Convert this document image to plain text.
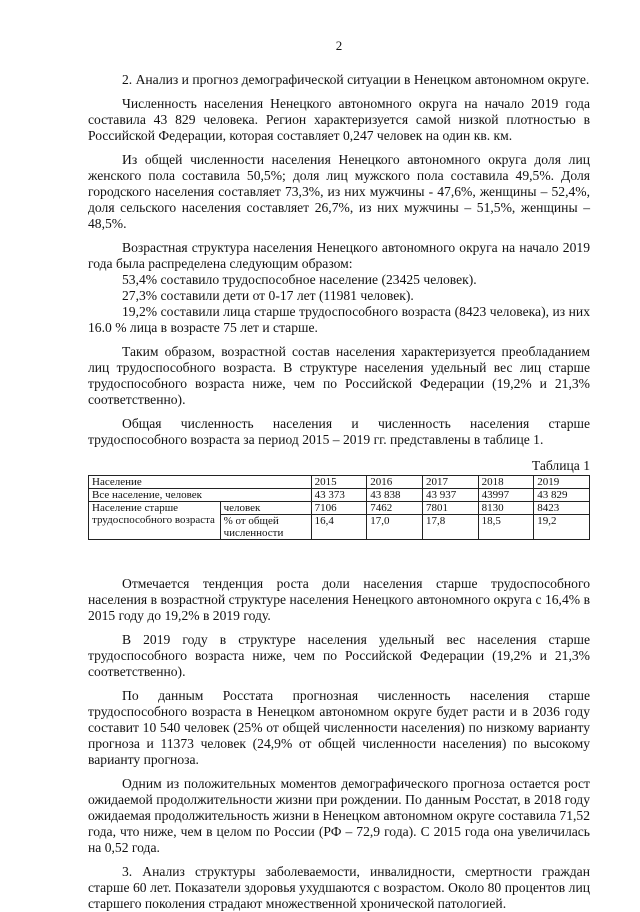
2

2. Анализ и прогноз демографической ситуации в Ненецком автономном округе.

Численность населения Ненецкого автономного округа на начало 2019 года составила 43 829 человека. Регион характеризуется самой низкой плотностью в Российской Федерации, которая составляет 0,247 человек на один кв. км.

Из общей численности населения Ненецкого автономного округа доля лиц женского пола составила 50,5%; доля лиц мужского пола составила 49,5%. Доля городского населения составляет 73,3%, из них мужчины - 47,6%, женщины – 52,4%, доля сельского населения составляет 26,7%, из них мужчины – 51,5%, женщины – 48,5%.

Возрастная структура населения Ненецкого автономного округа на начало 2019 года была распределена следующим образом:

53,4% составило трудоспособное население (23425 человек).

27,3% составили дети от 0-17 лет (11981 человек).

19,2% составили лица старше трудоспособного возраста (8423 человека), из них 16.0 % лица в возрасте 75 лет и старше.

Таким образом, возрастной состав населения характеризуется преобладанием лиц трудоспособного возраста. В структуре населения удельный вес лиц старше трудоспособного возраста ниже, чем по Российской Федерации (19,2% и 21,3% соответственно).

Общая численность населения и численность населения старше трудоспособного возраста за период 2015 – 2019 гг. представлены в таблице 1.

Таблица 1
Население		2015	2016	2017	2018	2019
Все население, человек		43 373	43 838	43 937	43997	43 829
Население старше трудоспособного возраста	человек	7106	7462	7801	8130	8423
	% от общей численности	16,4	17,0	17,8	18,5	19,2

Отмечается тенденция роста доли населения старше трудоспособного населения в возрастной структуре населения Ненецкого автономного округа с 16,4% в 2015 году до 19,2% в 2019 году.

В 2019 году в структуре населения удельный вес населения старше трудоспособного возраста ниже, чем по Российской Федерации (19,2% и 21,3% соответственно).

По данным Росстата прогнозная численность населения старше трудоспособного возраста в Ненецком автономном округе будет расти и в 2036 году составит 10 540 человек (25% от общей численности населения) по низкому варианту прогноза и 11373 человек (24,9% от общей численности населения) по высокому варианту прогноза.

Одним из положительных моментов демографического прогноза остается рост ожидаемой продолжительности жизни при рождении. По данным Росстат, в 2018 году ожидаемая продолжительность жизни в Ненецком автономном округе составила 71,52 года, что ниже, чем в целом по России (РФ – 72,9 года). С 2015 года она увеличилась на 0,52 года.

3. Анализ структуры заболеваемости, инвалидности, смертности граждан старше 60 лет. Показатели здоровья ухудшаются с возрастом. Около 80 процентов лиц старшего поколения страдают множественной хронической патологией.
